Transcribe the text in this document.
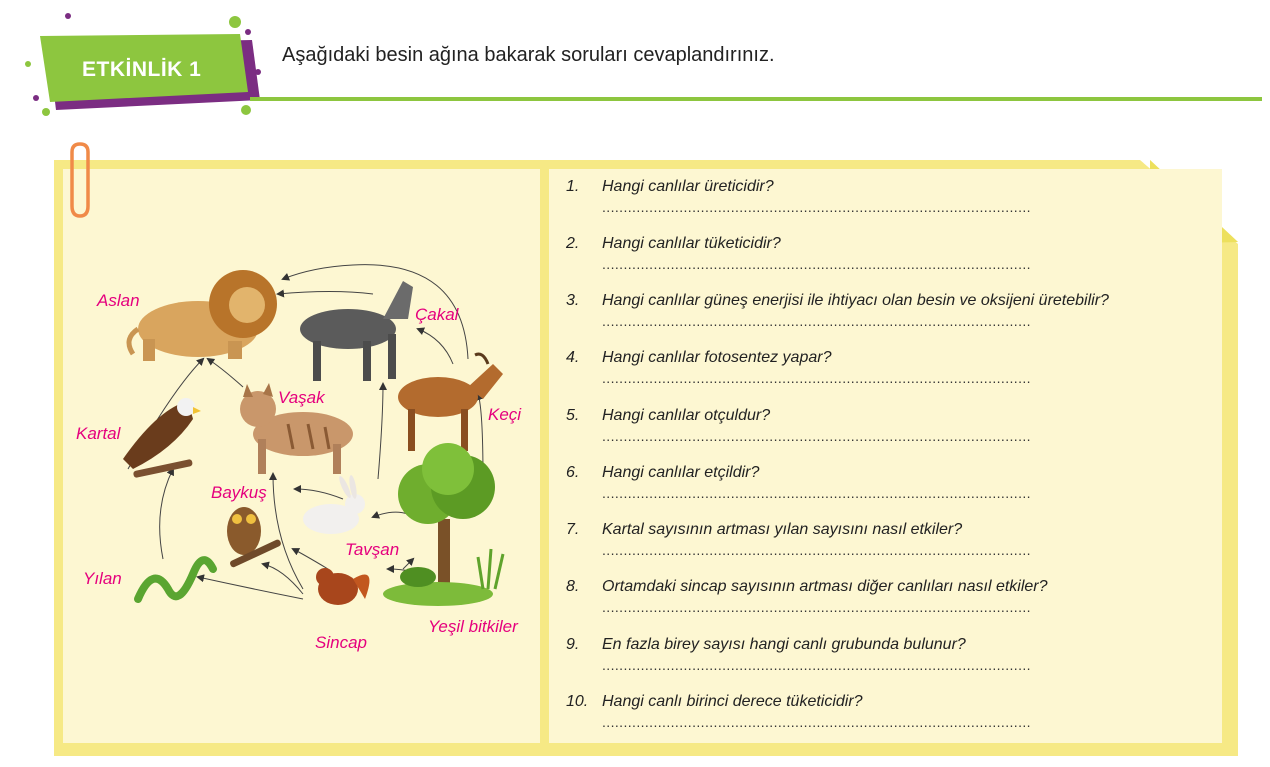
ETKİNLİK 1
Aşağıdaki besin ağına bakarak soruları cevaplandırınız.
Aslan
Çakal
Vaşak
Keçi
Kartal
Baykuş
Tavşan
Yılan
Sincap
Yeşil bitkiler
1. Hangi canlılar üreticidir?
....................................................................................................
2. Hangi canlılar tüketicidir?
....................................................................................................
3. Hangi canlılar güneş enerjisi ile ihtiyacı olan besin ve oksijeni üretebilir?
....................................................................................................
4. Hangi canlılar fotosentez yapar?
....................................................................................................
5. Hangi canlılar otçuldur?
....................................................................................................
6. Hangi canlılar etçildir?
....................................................................................................
7. Kartal sayısının artması yılan sayısını nasıl etkiler?
....................................................................................................
8. Ortamdaki sincap sayısının artması diğer canlıları nasıl etkiler?
....................................................................................................
9. En fazla birey sayısı hangi canlı grubunda bulunur?
....................................................................................................
10. Hangi canlı birinci derece tüketicidir?
....................................................................................................
